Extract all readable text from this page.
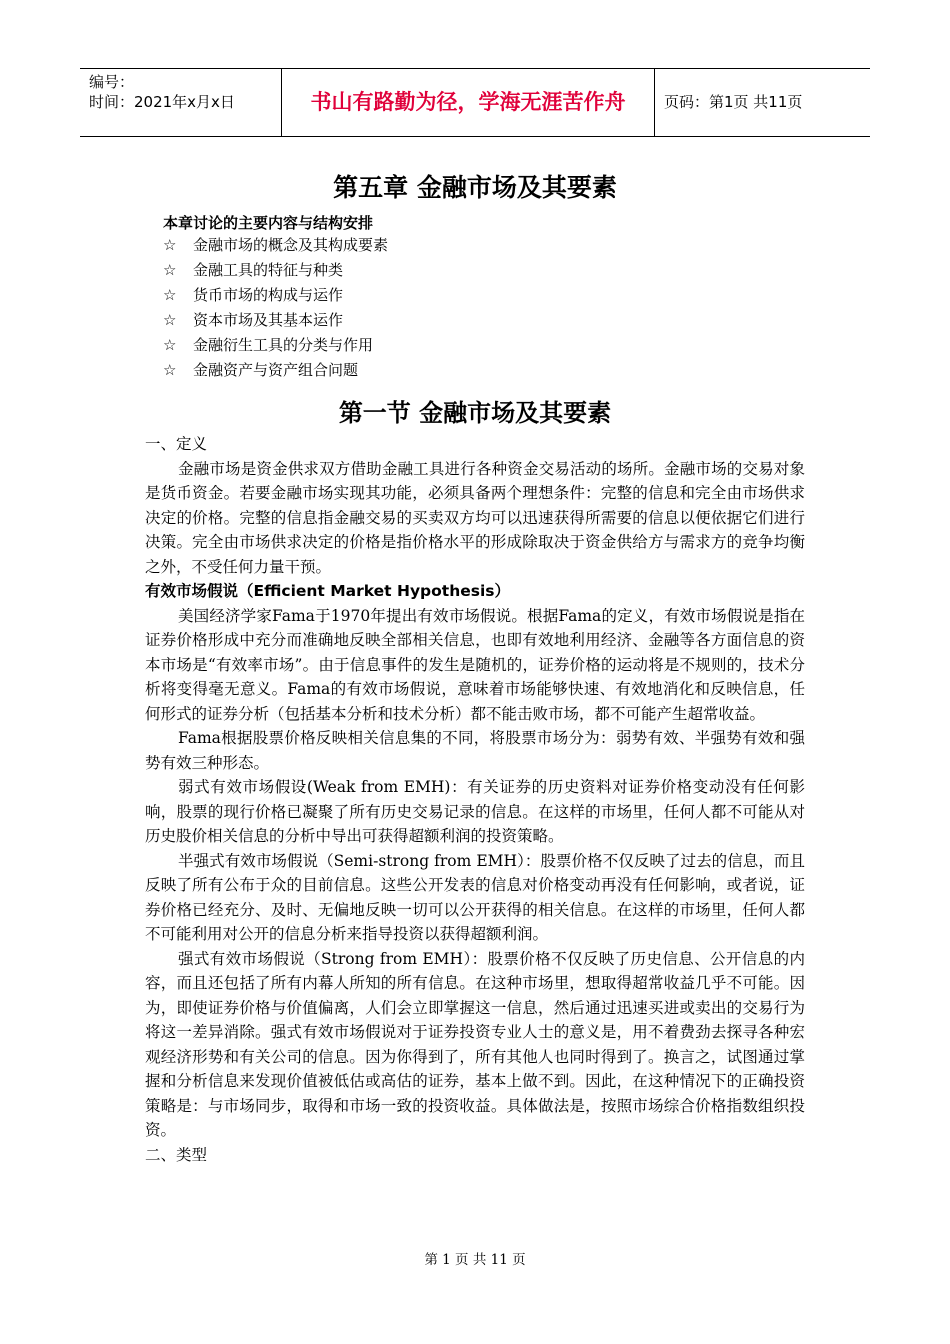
编号：
时间：2021年x月x日	书山有路勤为径，学海无涯苦作舟	页码：第1页 共11页
第五章 金融市场及其要素
本章讨论的主要内容与结构安排
☆ 金融市场的概念及其构成要素
☆ 金融工具的特征与种类
☆ 货币市场的构成与运作
☆ 资本市场及其基本运作
☆ 金融衍生工具的分类与作用
☆ 金融资产与资产组合问题
第一节 金融市场及其要素

一、定义

金融市场是资金供求双方借助金融工具进行各种资金交易活动的场所。金融市场的交易对象是货币资金。若要金融市场实现其功能，必须具备两个理想条件：完整的信息和完全由市场供求决定的价格。完整的信息指金融交易的买卖双方均可以迅速获得所需要的信息以便依据它们进行决策。完全由市场供求决定的价格是指价格水平的形成除取决于资金供给方与需求方的竞争均衡之外，不受任何力量干预。

有效市场假说（Efficient Market Hypothesis）

美国经济学家Fama于1970年提出有效市场假说。根据Fama的定义，有效市场假说是指在证券价格形成中充分而准确地反映全部相关信息，也即有效地利用经济、金融等各方面信息的资本市场是“有效率市场”。由于信息事件的发生是随机的，证券价格的运动将是不规则的，技术分析将变得毫无意义。Fama的有效市场假说，意味着市场能够快速、有效地消化和反映信息，任何形式的证券分析（包括基本分析和技术分析）都不能击败市场，都不可能产生超常收益。

Fama根据股票价格反映相关信息集的不同，将股票市场分为：弱势有效、半强势有效和强势有效三种形态。

弱式有效市场假设(Weak from EMH)：有关证券的历史资料对证券价格变动没有任何影响，股票的现行价格已凝聚了所有历史交易记录的信息。在这样的市场里，任何人都不可能从对历史股价相关信息的分析中导出可获得超额利润的投资策略。

半强式有效市场假说（Semi-strong from EMH）：股票价格不仅反映了过去的信息，而且反映了所有公布于众的目前信息。这些公开发表的信息对价格变动再没有任何影响，或者说，证券价格已经充分、及时、无偏地反映一切可以公开获得的相关信息。在这样的市场里，任何人都不可能利用对公开的信息分析来指导投资以获得超额利润。

强式有效市场假说（Strong from EMH）：股票价格不仅反映了历史信息、公开信息的内容，而且还包括了所有内幕人所知的所有信息。在这种市场里，想取得超常收益几乎不可能。因为，即使证券价格与价值偏离，人们会立即掌握这一信息，然后通过迅速买进或卖出的交易行为将这一差异消除。强式有效市场假说对于证券投资专业人士的意义是，用不着费劲去探寻各种宏观经济形势和有关公司的信息。因为你得到了，所有其他人也同时得到了。换言之，试图通过掌握和分析信息来发现价值被低估或高估的证券，基本上做不到。因此，在这种情况下的正确投资策略是：与市场同步，取得和市场一致的投资收益。具体做法是，按照市场综合价格指数组织投资。

二、类型

第 1 页 共 11 页
